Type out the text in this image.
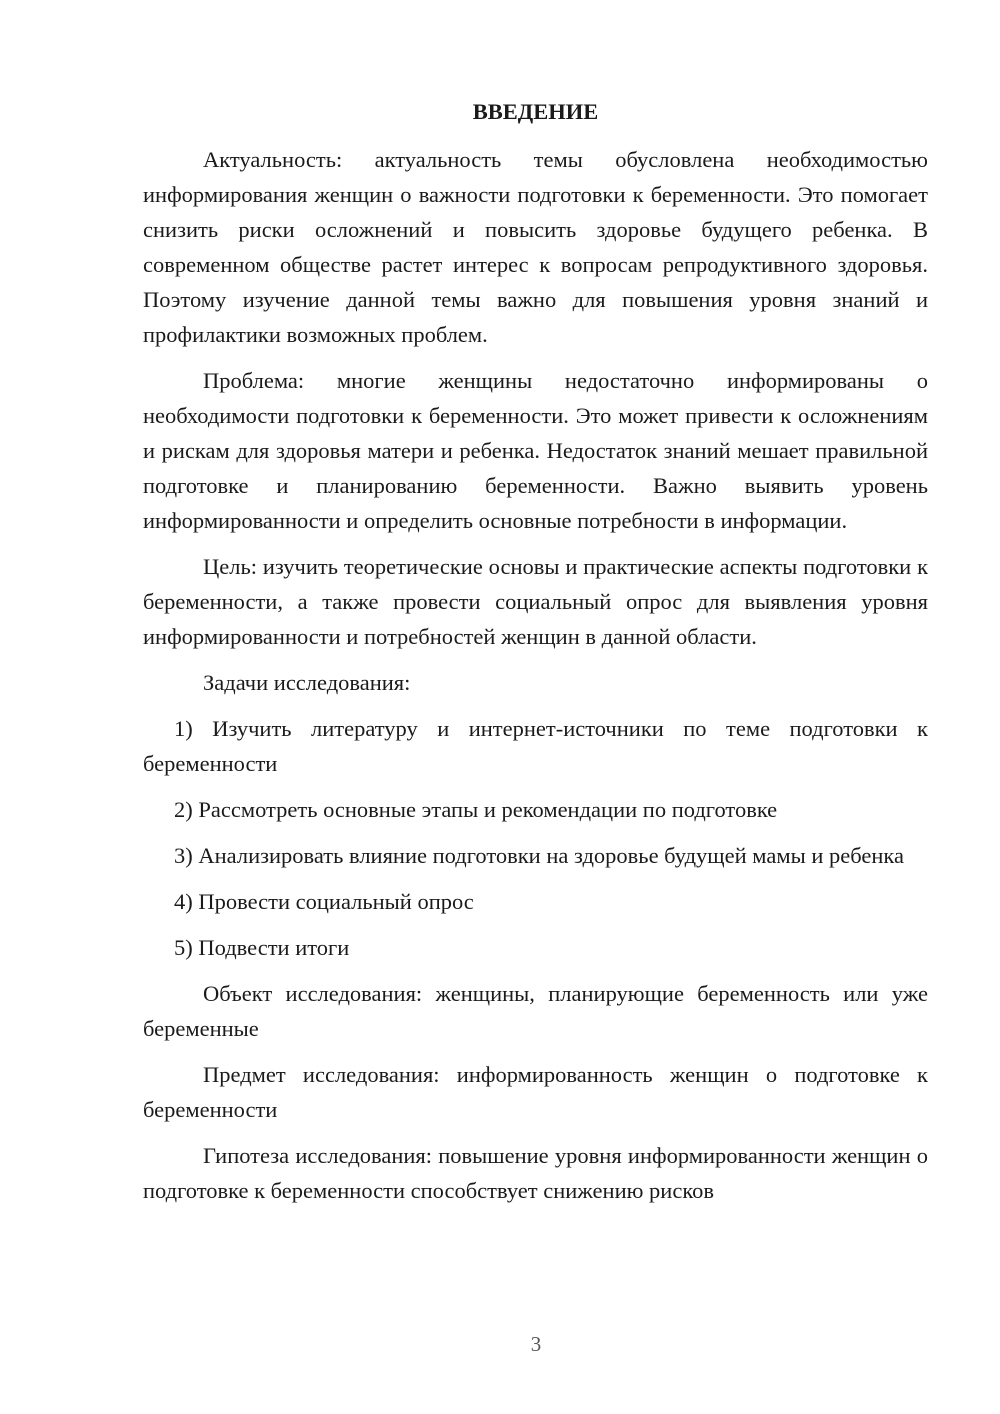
ВВЕДЕНИЕ

Актуальность: актуальность темы обусловлена необходимостью информирования женщин о важности подготовки к беременности. Это помогает снизить риски осложнений и повысить здоровье будущего ребенка. В современном обществе растет интерес к вопросам репродуктивного здоровья. Поэтому изучение данной темы важно для повышения уровня знаний и профилактики возможных проблем.

Проблема: многие женщины недостаточно информированы о необходимости подготовки к беременности. Это может привести к осложнениям и рискам для здоровья матери и ребенка. Недостаток знаний мешает правильной подготовке и планированию беременности. Важно выявить уровень информированности и определить основные потребности в информации.

Цель: изучить теоретические основы и практические аспекты подготовки к беременности, а также провести социальный опрос для выявления уровня информированности и потребностей женщин в данной области.

Задачи исследования:

1) Изучить литературу и интернет-источники по теме подготовки к беременности

2) Рассмотреть основные этапы и рекомендации по подготовке

3) Анализировать влияние подготовки на здоровье будущей мамы и ребенка

4) Провести социальный опрос

5) Подвести итоги

Объект исследования: женщины, планирующие беременность или уже беременные

Предмет исследования: информированность женщин о подготовке к беременности

Гипотеза исследования: повышение уровня информированности женщин о подготовке к беременности способствует снижению рисков

3
